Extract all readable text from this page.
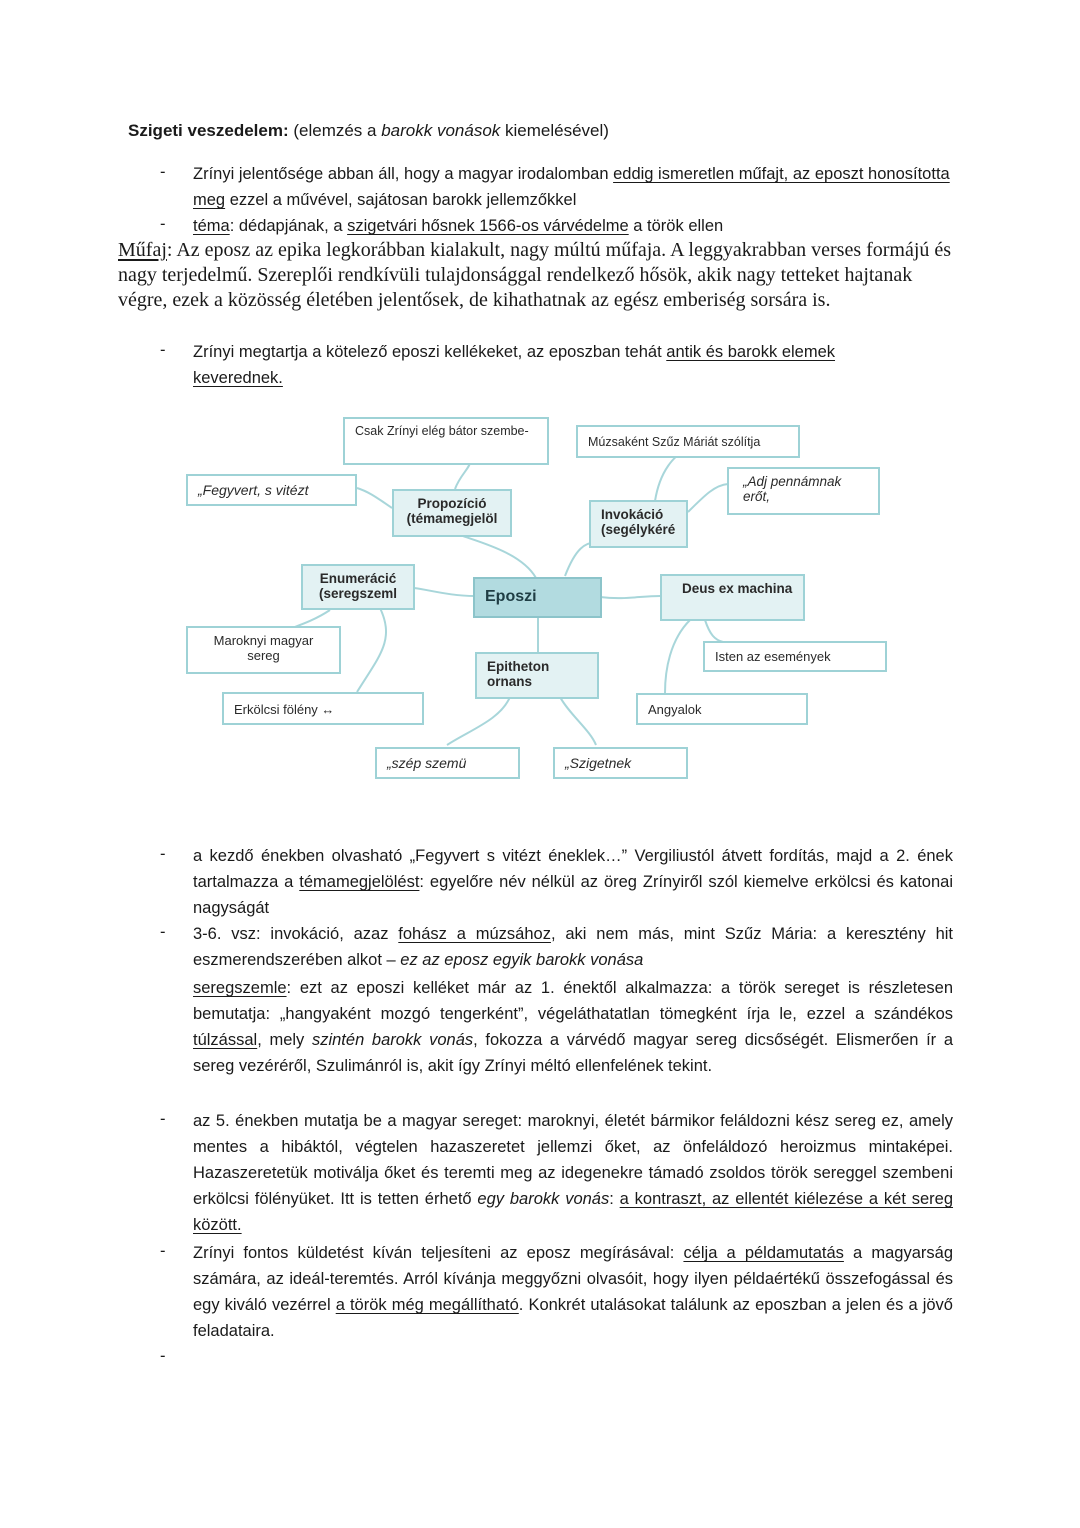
Szigeti veszedelem: (elemzés a barokk vonások kiemelésével)
- Zrínyi jelentősége abban áll, hogy a magyar irodalomban eddig ismeretlen műfajt, az eposzt honosította meg ezzel a művével, sajátosan barokk jellemzőkkel
- téma: dédapjának, a szigetvári hősnek 1566-os várvédelme a török ellen
Műfaj: Az eposz az epika legkorábban kialakult, nagy múltú műfaja. A leggyakrabban verses formájú és nagy terjedelmű. Szereplői rendkívüli tulajdonsággal rendelkező hősök, akik nagy tetteket hajtanak végre, ezek a közösség életében jelentősek, de kihathatnak az egész emberiség sorsára is.
- Zrínyi megtartja a kötelező eposzi kellékeket, az eposzban tehát antik és barokk elemek keverednek.
Csak Zrínyi elég bátor szembe-
Múzsaként Szűz Máriát szólítja
„Fegyvert, s vitézt
Propozíció (témamegjelöl	Invokáció (segélykéré
„Adj pennámnak erőt,
Enumerácić (seregszeml	Eposzi	Deus ex machina
Maroknyi magyar sereg	Isten az események
Epitheton ornans
Erkölcsi fölény ↔	Angyalok
„szép szemü	„Szigetnek
- a kezdő énekben olvasható „Fegyvert s vitézt éneklek…” Vergiliustól átvett fordítás, majd a 2. ének tartalmazza a témamegjelölést: egyelőre név nélkül az öreg Zrínyiről szól kiemelve erkölcsi és katonai nagyságát
- 3-6. vsz: invokáció, azaz fohász a múzsához, aki nem más, mint Szűz Mária: a keresztény hit eszmerendszerében alkot – ez az eposz egyik barokk vonása
seregszemle: ezt az eposzi kelléket már az 1. énektől alkalmazza: a török sereget is részletesen bemutatja: „hangyaként mozgó tengerként”, végeláthatatlan tömegként írja le, ezzel a szándékos túlzással, mely szintén barokk vonás, fokozza a várvédő magyar sereg dicsőségét. Elismerően ír a sereg vezéréről, Szulimánról is, akit így Zrínyi méltó ellenfelének tekint.
- az 5. énekben mutatja be a magyar sereget: maroknyi, életét bármikor feláldozni kész sereg ez, amely mentes a hibáktól, végtelen hazaszeretet jellemzi őket, az önfeláldozó heroizmus mintaképei. Hazaszeretetük motiválja őket és teremti meg az idegenekre támadó zsoldos török sereggel szembeni erkölcsi fölényüket. Itt is tetten érhető egy barokk vonás: a kontraszt, az ellentét kiélezése a két sereg között.
- Zrínyi fontos küldetést kíván teljesíteni az eposz megírásával: célja a példamutatás a magyarság számára, az ideál-teremtés. Arról kívánja meggyőzni olvasóit, hogy ilyen példaértékű összefogással és egy kiváló vezérrel a török még megállítható. Konkrét utalásokat találunk az eposzban a jelen és a jövő feladataira.
-
